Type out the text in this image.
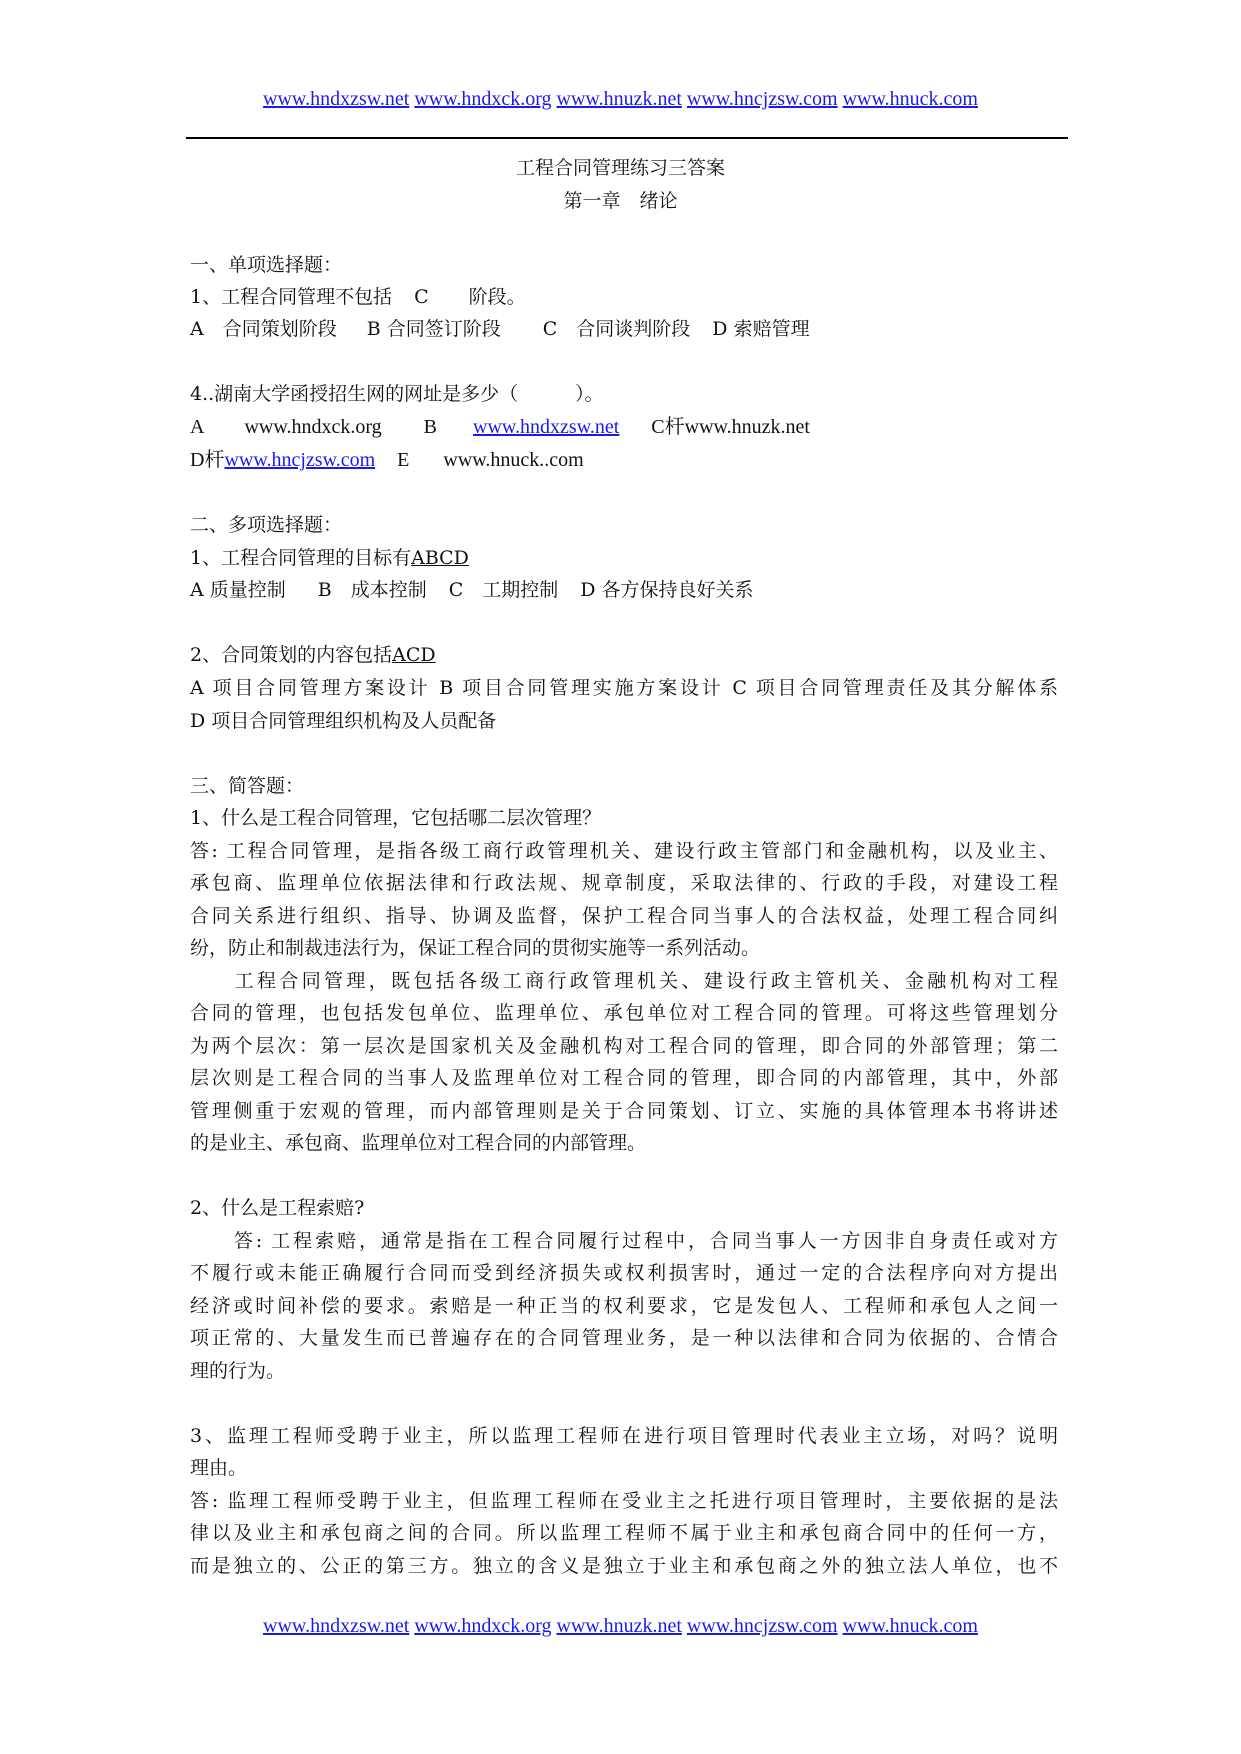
www.hndxzsw.net www.hndxck.org www.hnuzk.net www.hncjzsw.com www.hnuck.com
工程合同管理练习三答案
第一章　绪论
一、单项选择题：
1、工程合同管理不包括 C 阶段。
A　合同策划阶段 B 合同签订阶段 C　合同谈判阶段 D 索赔管理
4..湖南大学函授招生网的网址是多少（　　　）。
A www.hndxck.org B www.hndxzsw.net C杆www.hnuzk.net
D杆www.hncjzsw.com E www.hnuck..com
二、多项选择题：
1、工程合同管理的目标有ABCD
A 质量控制 B　成本控制 C　工期控制 D 各方保持良好关系
2、合同策划的内容包括ACD
A 项目合同管理方案设计 B 项目合同管理实施方案设计 C 项目合同管理责任及其分解体系
D 项目合同管理组织机构及人员配备
三、简答题：
1、什么是工程合同管理，它包括哪二层次管理？
答: 工程合同管理，是指各级工商行政管理机关、建设行政主管部门和金融机构，以及业主、
承包商、监理单位依据法律和行政法规、规章制度，采取法律的、行政的手段，对建设工程
合同关系进行组织、指导、协调及监督，保护工程合同当事人的合法权益，处理工程合同纠
纷，防止和制裁违法行为，保证工程合同的贯彻实施等一系列活动。
　　工程合同管理，既包括各级工商行政管理机关、建设行政主管机关、金融机构对工程
合同的管理，也包括发包单位、监理单位、承包单位对工程合同的管理。可将这些管理划分
为两个层次：第一层次是国家机关及金融机构对工程合同的管理，即合同的外部管理；第二
层次则是工程合同的当事人及监理单位对工程合同的管理，即合同的内部管理，其中，外部
管理侧重于宏观的管理，而内部管理则是关于合同策划、订立、实施的具体管理本书将讲述
的是业主、承包商、监理单位对工程合同的内部管理。
2、什么是工程索赔?
　　答: 工程索赔，通常是指在工程合同履行过程中，合同当事人一方因非自身责任或对方
不履行或未能正确履行合同而受到经济损失或权利损害时，通过一定的合法程序向对方提出
经济或时间补偿的要求。索赔是一种正当的权利要求，它是发包人、工程师和承包人之间一
项正常的、大量发生而已普遍存在的合同管理业务，是一种以法律和合同为依据的、合情合
理的行为。
3、监理工程师受聘于业主，所以监理工程师在进行项目管理时代表业主立场，对吗？说明
理由。
答: 监理工程师受聘于业主，但监理工程师在受业主之托进行项目管理时，主要依据的是法
律以及业主和承包商之间的合同。所以监理工程师不属于业主和承包商合同中的任何一方，
而是独立的、公正的第三方。独立的含义是独立于业主和承包商之外的独立法人单位，也不
www.hndxzsw.net www.hndxck.org www.hnuzk.net www.hncjzsw.com www.hnuck.com
